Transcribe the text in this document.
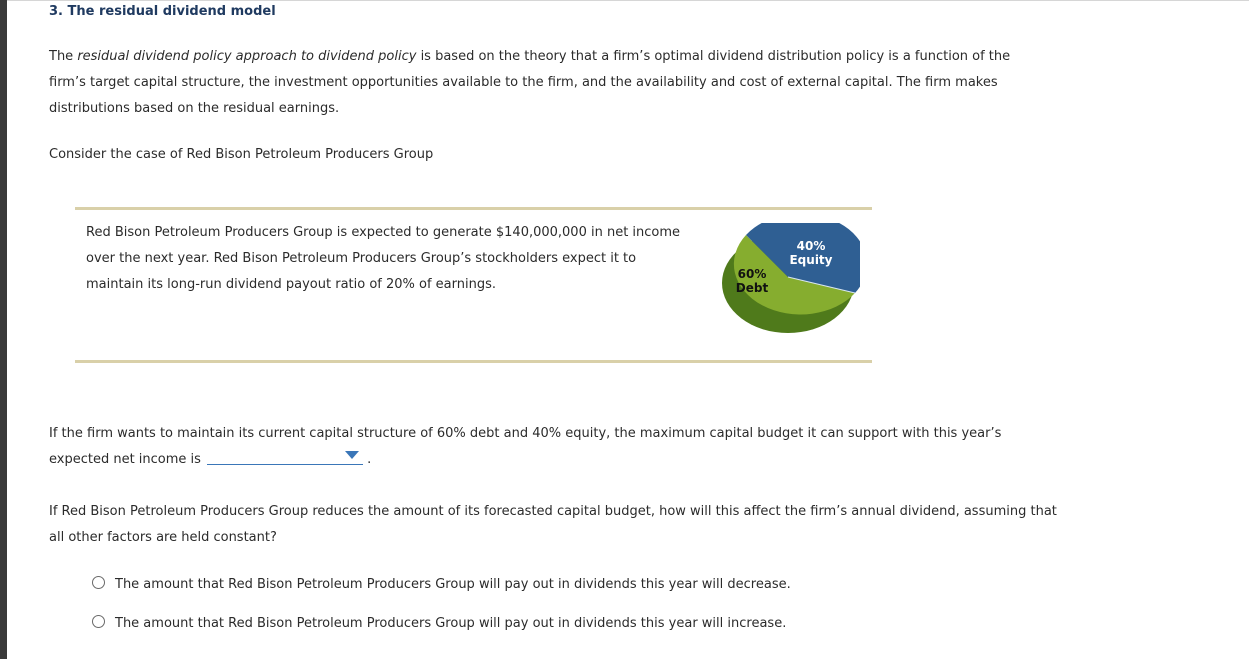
3. The residual dividend model
The residual dividend policy approach to dividend policy is based on the theory that a firm’s optimal dividend distribution policy is a function of the firm’s target capital structure, the investment opportunities available to the firm, and the availability and cost of external capital. The firm makes distributions based on the residual earnings.
Consider the case of Red Bison Petroleum Producers Group
Red Bison Petroleum Producers Group is expected to generate $140,000,000 in net income over the next year. Red Bison Petroleum Producers Group’s stockholders expect it to maintain its long-run dividend payout ratio of 20% of earnings.
40%
Equity
60%
Debt
If the firm wants to maintain its current capital structure of 60% debt and 40% equity, the maximum capital budget it can support with this year’s expected net income is	.
If Red Bison Petroleum Producers Group reduces the amount of its forecasted capital budget, how will this affect the firm’s annual dividend, assuming that all other factors are held constant?
The amount that Red Bison Petroleum Producers Group will pay out in dividends this year will decrease.
The amount that Red Bison Petroleum Producers Group will pay out in dividends this year will increase.
